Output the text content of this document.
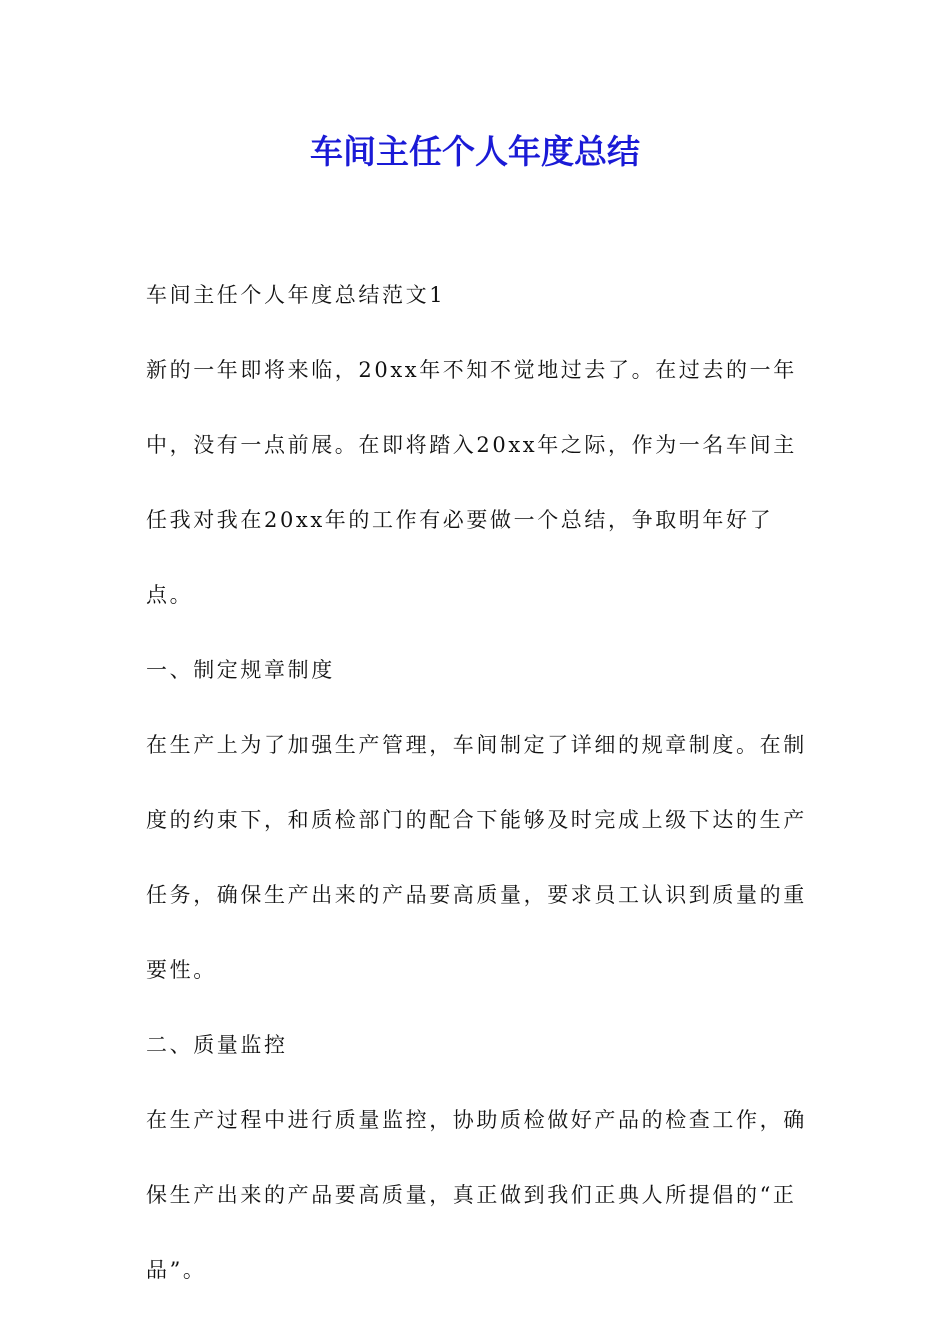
车间主任个人年度总结

车间主任个人年度总结范文1

新的一年即将来临，20xx年不知不觉地过去了。在过去的一年中，没有一点前展。在即将踏入20xx年之际，作为一名车间主任我对我在20xx年的工作有必要做一个总结，争取明年好了点。

一、制定规章制度

在生产上为了加强生产管理，车间制定了详细的规章制度。在制度的约束下，和质检部门的配合下能够及时完成上级下达的生产任务，确保生产出来的产品要高质量，要求员工认识到质量的重要性。

二、质量监控

在生产过程中进行质量监控，协助质检做好产品的检查工作，确保生产出来的产品要高质量，真正做到我们正典人所提倡的“正品”。
